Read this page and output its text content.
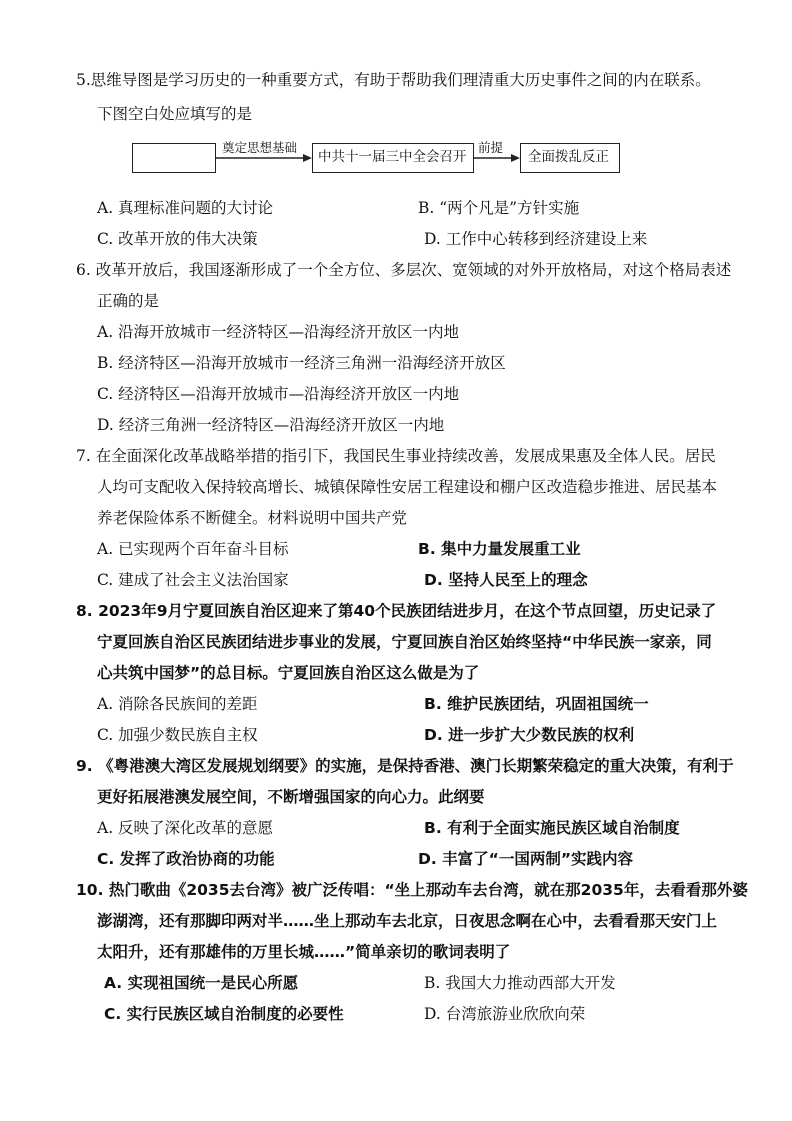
5.思维导图是学习历史的一种重要方式，有助于帮助我们理清重大历史事件之间的内在联系。
下图空白处应填写的是
奠定思想基础
中共十一届三中全会召开
前提
全面拨乱反正
A. 真理标准问题的大讨论	B. “两个凡是”方针实施
C. 改革开放的伟大决策	D. 工作中心转移到经济建设上来
6. 改革开放后，我国逐渐形成了一个全方位、多层次、宽领域的对外开放格局，对这个格局表述
正确的是
A. 沿海开放城市一经济特区—沿海经济开放区一内地
B. 经济特区—沿海开放城市一经济三角洲一沿海经济开放区
C. 经济特区—沿海开放城市—沿海经济开放区一内地
D. 经济三角洲一经济特区—沿海经济开放区一内地
7. 在全面深化改革战略举措的指引下，我国民生事业持续改善，发展成果惠及全体人民。居民
人均可支配收入保持较高增长、城镇保障性安居工程建设和棚户区改造稳步推进、居民基本
养老保险体系不断健全。材料说明中国共产党
A. 已实现两个百年奋斗目标	B. 集中力量发展重工业
C. 建成了社会主义法治国家	D. 坚持人民至上的理念
8. 2023年9月宁夏回族自治区迎来了第40个民族团结进步月，在这个节点回望，历史记录了
宁夏回族自治区民族团结进步事业的发展，宁夏回族自治区始终坚持“中华民族一家亲，同
心共筑中国梦”的总目标。宁夏回族自治区这么做是为了
A. 消除各民族间的差距	B. 维护民族团结，巩固祖国统一
C. 加强少数民族自主权	D. 进一步扩大少数民族的权利
9. 《粤港澳大湾区发展规划纲要》的实施，是保持香港、澳门长期繁荣稳定的重大决策，有利于
更好拓展港澳发展空间，不断增强国家的向心力。此纲要
A. 反映了深化改革的意愿	B. 有利于全面实施民族区域自治制度
C. 发挥了政治协商的功能	D. 丰富了“一国两制”实践内容
10. 热门歌曲《2035去台湾》被广泛传唱：“坐上那动车去台湾，就在那2035年，去看看那外婆
澎湖湾，还有那脚印两对半……坐上那动车去北京，日夜思念啊在心中，去看看那天安门上
太阳升，还有那雄伟的万里长城……”简单亲切的歌词表明了
A. 实现祖国统一是民心所愿	B. 我国大力推动西部大开发
C. 实行民族区域自治制度的必要性	D. 台湾旅游业欣欣向荣
